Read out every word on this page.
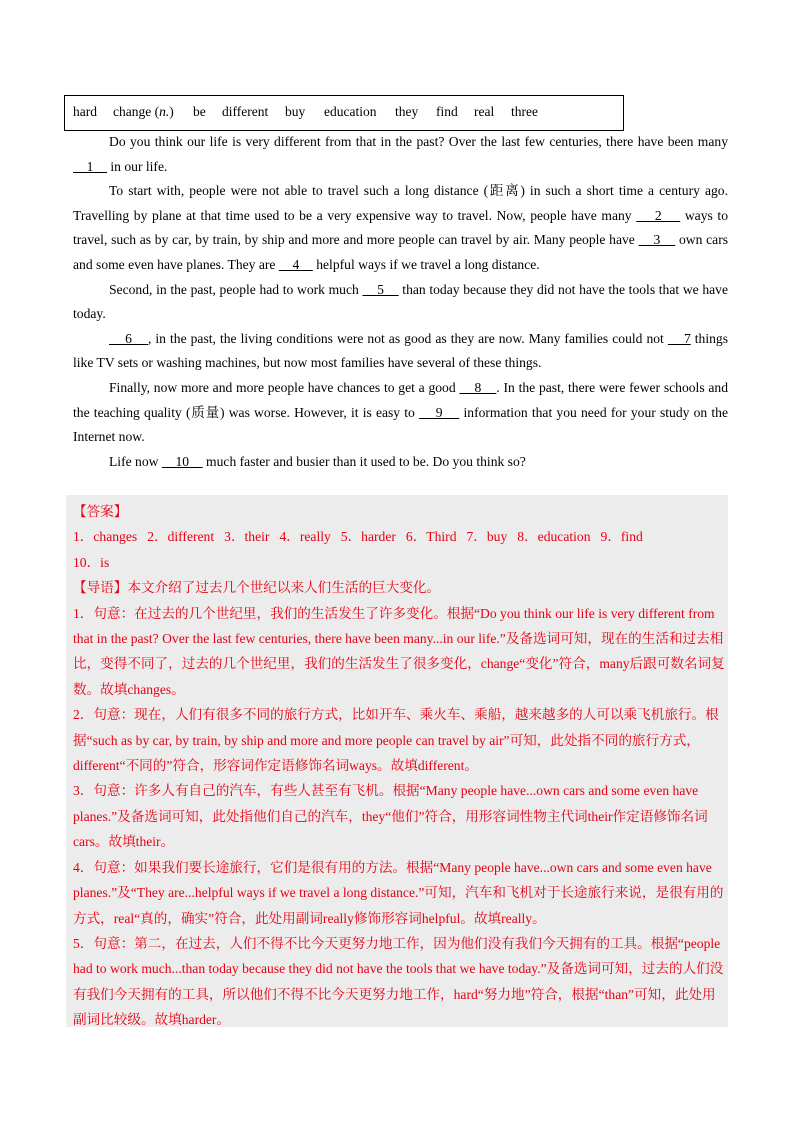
hard change (n.) be different buy education they find real three

Do you think our life is very different from that in the past? Over the last few centuries, there have been many     1     in our life.

To start with, people were not able to travel such a long distance (距离) in such a short time a century ago. Travelling by plane at that time used to be a very expensive way to travel. Now, people have many     2     ways to travel, such as by car, by train, by ship and more and more people can travel by air. Many people have     3     own cars and some even have planes. They are     4     helpful ways if we travel a long distance.

Second, in the past, people had to work much     5     than today because they did not have the tools that we have today.

6    , in the past, the living conditions were not as good as they are now. Many families could not     7 things like TV sets or washing machines, but now most families have several of these things.

Finally, now more and more people have chances to get a good     8    . In the past, there were fewer schools and the teaching quality (质量) was worse. However, it is easy to     9     information that you need for your study on the Internet now.

Life now     10     much faster and busier than it used to be. Do you think so?

【答案】

1．changes 2．different 3．their 4．really 5．harder 6．Third 7．buy 8．education 9．find

10．is

【导语】本文介绍了过去几个世纪以来人们生活的巨大变化。

1．句意：在过去的几个世纪里，我们的生活发生了许多变化。根据“Do you think our life is very different from that in the past? Over the last few centuries, there have been many...in our life.”及备选词可知，现在的生活和过去相比，变得不同了，过去的几个世纪里，我们的生活发生了很多变化，change“变化”符合，many后跟可数名词复数。故填changes。

2．句意：现在，人们有很多不同的旅行方式，比如开车、乘火车、乘船，越来越多的人可以乘飞机旅行。根据“such as by car, by train, by ship and more and more people can travel by air”可知，此处指不同的旅行方式，different“不同的”符合，形容词作定语修饰名词ways。故填different。

3．句意：许多人有自己的汽车，有些人甚至有飞机。根据“Many people have...own cars and some even have planes.”及备选词可知，此处指他们自己的汽车，they“他们”符合，用形容词性物主代词their作定语修饰名词cars。故填their。

4．句意：如果我们要长途旅行，它们是很有用的方法。根据“Many people have...own cars and some even have planes.”及“They are...helpful ways if we travel a long distance.”可知，汽车和飞机对于长途旅行来说，是很有用的方式，real“真的，确实”符合，此处用副词really修饰形容词helpful。故填really。

5．句意：第二，在过去，人们不得不比今天更努力地工作，因为他们没有我们今天拥有的工具。根据“people had to work much...than today because they did not have the tools that we have today.”及备选词可知，过去的人们没有我们今天拥有的工具，所以他们不得不比今天更努力地工作，hard“努力地”符合，根据“than”可知，此处用副词比较级。故填harder。
